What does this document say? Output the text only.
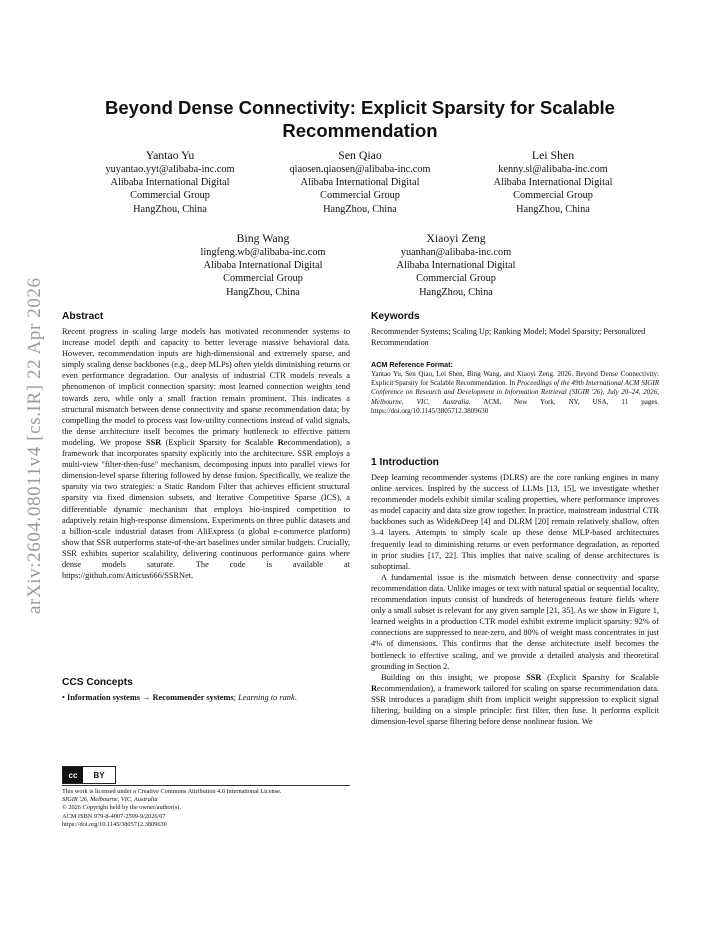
arXiv:2604.08011v4 [cs.IR] 22 Apr 2026
Beyond Dense Connectivity: Explicit Sparsity for Scalable Recommendation
Yantao Yu
yuyantao.yyt@alibaba-inc.com
Alibaba International Digital
Commercial Group
HangZhou, China
Sen Qiao
qiaosen.qiaosen@alibaba-inc.com
Alibaba International Digital
Commercial Group
HangZhou, China
Lei Shen
kenny.sl@alibaba-inc.com
Alibaba International Digital
Commercial Group
HangZhou, China
Bing Wang
lingfeng.wb@alibaba-inc.com
Alibaba International Digital
Commercial Group
HangZhou, China
Xiaoyi Zeng
yuanhan@alibaba-inc.com
Alibaba International Digital
Commercial Group
HangZhou, China
Abstract

Recent progress in scaling large models has motivated recommender systems to increase model depth and capacity to better leverage massive behavioral data. However, recommendation inputs are high-dimensional and extremely sparse, and simply scaling dense backbones (e.g., deep MLPs) often yields diminishing returns or even performance degradation. Our analysis of industrial CTR models reveals a phenomenon of implicit connection sparsity: most learned connection weights tend towards zero, while only a small fraction remain prominent. This indicates a structural mismatch between dense connectivity and sparse recommendation data; by compelling the model to process vast low-utility connections instead of valid signals, the dense architecture itself becomes the primary bottleneck to effective pattern modeling. We propose SSR (Explicit Sparsity for Scalable Recommendation), a framework that incorporates sparsity explicitly into the architecture. SSR employs a multi-view "filter-then-fuse" mechanism, decomposing inputs into parallel views for dimension-level sparse filtering followed by dense fusion. Specifically, we realize the sparsity via two strategies: a Static Random Filter that achieves efficient structural sparsity via fixed dimension subsets, and Iterative Competitive Sparse (ICS), a differentiable dynamic mechanism that employs bio-inspired competition to adaptively retain high-response dimensions. Experiments on three public datasets and a billion-scale industrial dataset from AliExpress (a global e-commerce platform) show that SSR outperforms state-of-the-art baselines under similar budgets. Crucially, SSR exhibits superior scalability, delivering continuous performance gains where dense models saturate. The code is available at https://github.com/Atticus666/SSRNet.

CCS Concepts

• Information systems → Recommender systems; Learning to rank.

cc	BY
This work is licensed under a Creative Commons Attribution 4.0 International License.
SIGIR '26, Melbourne, VIC, Australia
© 2026 Copyright held by the owner/author(s).
ACM ISBN 979-8-4007-2599-9/2026/07
https://doi.org/10.1145/3805712.3809630
Keywords

Recommender Systems; Scaling Up; Ranking Model; Model Sparsity; Personalized Recommendation

ACM Reference Format:

Yantao Yu, Sen Qiao, Lei Shen, Bing Wang, and Xiaoyi Zeng. 2026. Beyond Dense Connectivity: Explicit Sparsity for Scalable Recommendation. In Proceedings of the 49th International ACM SIGIR Conference on Research and Development in Information Retrieval (SIGIR '26), July 20–24, 2026, Melbourne, VIC, Australia. ACM, New York, NY, USA, 11 pages. https://doi.org/10.1145/3805712.3809630

1 Introduction

Deep learning recommender systems (DLRS) are the core ranking engines in many online services. Inspired by the success of LLMs [13, 15], we investigate whether recommender models exhibit similar scaling properties, where performance improves as model capacity and data size grow together. In practice, mainstream industrial CTR backbones such as Wide&Deep [4] and DLRM [20] remain relatively shallow, often 3–4 layers. Attempts to simply scale up these dense MLP-based architectures frequently lead to diminishing returns or even performance degradation, as reported in prior studies [17, 22]. This implies that naive scaling of dense architectures is suboptimal.

A fundamental issue is the mismatch between dense connectivity and sparse recommendation data. Unlike images or text with natural spatial or sequential locality, recommendation inputs consist of hundreds of heterogeneous feature fields where only a small subset is relevant for any given sample [21, 35]. As we show in Figure 1, learned weights in a production CTR model exhibit extreme implicit sparsity: 92% of connections are suppressed to near-zero, and 80% of weight mass concentrates in just 4% of dimensions. This confirms that the dense architecture itself becomes the bottleneck to effective scaling, and we provide a detailed analysis and theoretical grounding in Section 2.

Building on this insight, we propose SSR (Explicit Sparsity for Scalable Recommendation), a framework tailored for scaling on sparse recommendation data. SSR introduces a paradigm shift from implicit weight suppression to explicit signal filtering, building on a simple principle: first filter, then fuse. It performs explicit dimension-level sparse filtering before dense nonlinear fusion. We
